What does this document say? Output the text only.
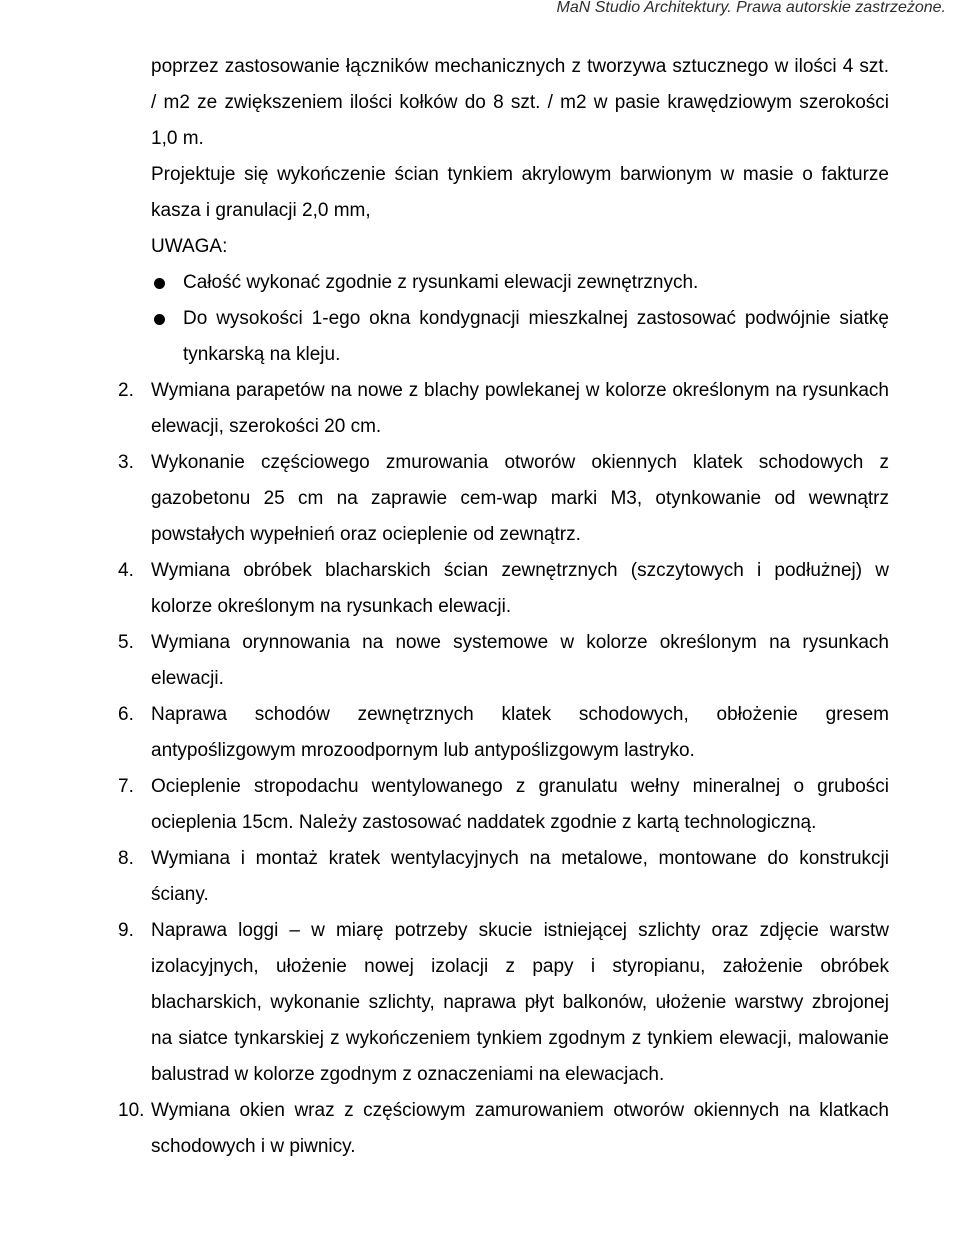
MaN Studio Architektury. Prawa autorskie zastrzeżone.
poprzez zastosowanie łączników mechanicznych z tworzywa sztucznego w ilości 4 szt. / m2 ze zwiększeniem ilości kołków do 8 szt. / m2 w pasie krawędziowym szerokości 1,0 m.
Projektuje się wykończenie ścian tynkiem akrylowym barwionym w masie o fakturze kasza i granulacji 2,0 mm,
UWAGA:
Całość wykonać zgodnie z rysunkami elewacji zewnętrznych.
Do wysokości 1-ego okna kondygnacji mieszkalnej zastosować podwójnie siatkę tynkarską na kleju.
2. Wymiana parapetów na nowe z blachy powlekanej w kolorze określonym na rysunkach elewacji, szerokości 20 cm.
3. Wykonanie częściowego zmurowania otworów okiennych klatek schodowych z gazobetonu 25 cm na zaprawie cem-wap marki M3, otynkowanie od wewnątrz powstałych wypełnień oraz ocieplenie od zewnątrz.
4. Wymiana obróbek blacharskich ścian zewnętrznych (szczytowych i podłużnej) w kolorze określonym na rysunkach elewacji.
5. Wymiana orynnowania na nowe systemowe w kolorze określonym na rysunkach elewacji.
6. Naprawa schodów zewnętrznych klatek schodowych, obłożenie gresem antypoślizgowym mrozoodpornym lub antypoślizgowym lastryko.
7. Ocieplenie stropodachu wentylowanego z granulatu wełny mineralnej o grubości ocieplenia 15cm. Należy zastosować naddatek zgodnie z kartą technologiczną.
8. Wymiana i montaż kratek wentylacyjnych na metalowe, montowane do konstrukcji ściany.
9. Naprawa loggi – w miarę potrzeby skucie istniejącej szlichty oraz zdjęcie warstw izolacyjnych, ułożenie nowej izolacji z papy i styropianu, założenie obróbek blacharskich, wykonanie szlichty, naprawa płyt balkonów, ułożenie warstwy zbrojonej na siatce tynkarskiej z wykończeniem tynkiem zgodnym z tynkiem elewacji, malowanie balustrad w kolorze zgodnym z oznaczeniami na elewacjach.
10. Wymiana okien wraz z częściowym zamurowaniem otworów okiennych na klatkach schodowych i w piwnicy.
